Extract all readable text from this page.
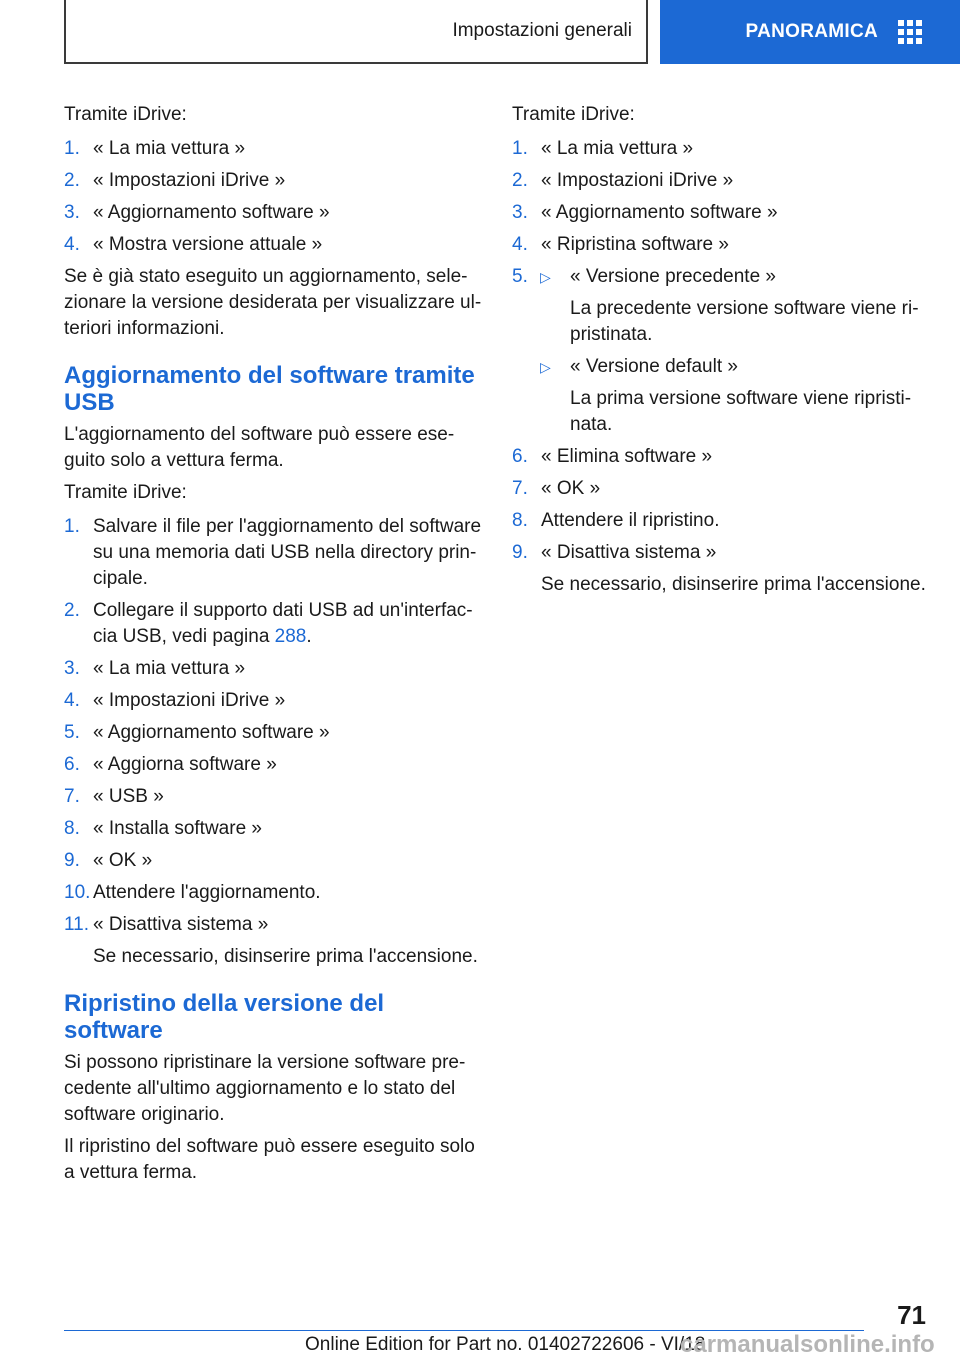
Impostazioni generali	PANORAMICA

Tramite iDrive:

1. « La mia vettura »
2. « Impostazioni iDrive »
3. « Aggiornamento software »
4. « Mostra versione attuale »

Se è già stato eseguito un aggiornamento, selezionare la versione desiderata per visualizzare ulteriori informazioni.

Aggiornamento del software tramite USB

L'aggiornamento del software può essere eseguito solo a vettura ferma.

Tramite iDrive:

1. Salvare il file per l'aggiornamento del software su una memoria dati USB nella directory principale.
2. Collegare il supporto dati USB ad un'interfaccia USB, vedi pagina 288.
3. « La mia vettura »
4. « Impostazioni iDrive »
5. « Aggiornamento software »
6. « Aggiorna software »
7. « USB »
8. « Installa software »
9. « OK »
10. Attendere l'aggiornamento.
11. « Disattiva sistema »
Se necessario, disinserire prima l'accensione.
Ripristino della versione del software

Si possono ripristinare la versione software precedente all'ultimo aggiornamento e lo stato del software originario.

Il ripristino del software può essere eseguito solo a vettura ferma.

Tramite iDrive:

1. « La mia vettura »
2. « Impostazioni iDrive »
3. « Aggiornamento software »
4. « Ripristina software »
5. ▷ « Versione precedente »
La precedente versione software viene ripristinata.
▷ « Versione default »
La prima versione software viene ripristinata.
6. « Elimina software »
7. « OK »
8. Attendere il ripristino.
9. « Disattiva sistema »
Se necessario, disinserire prima l'accensione.
71
Online Edition for Part no. 01402722606 - VI/18
carmanualsonline.info
